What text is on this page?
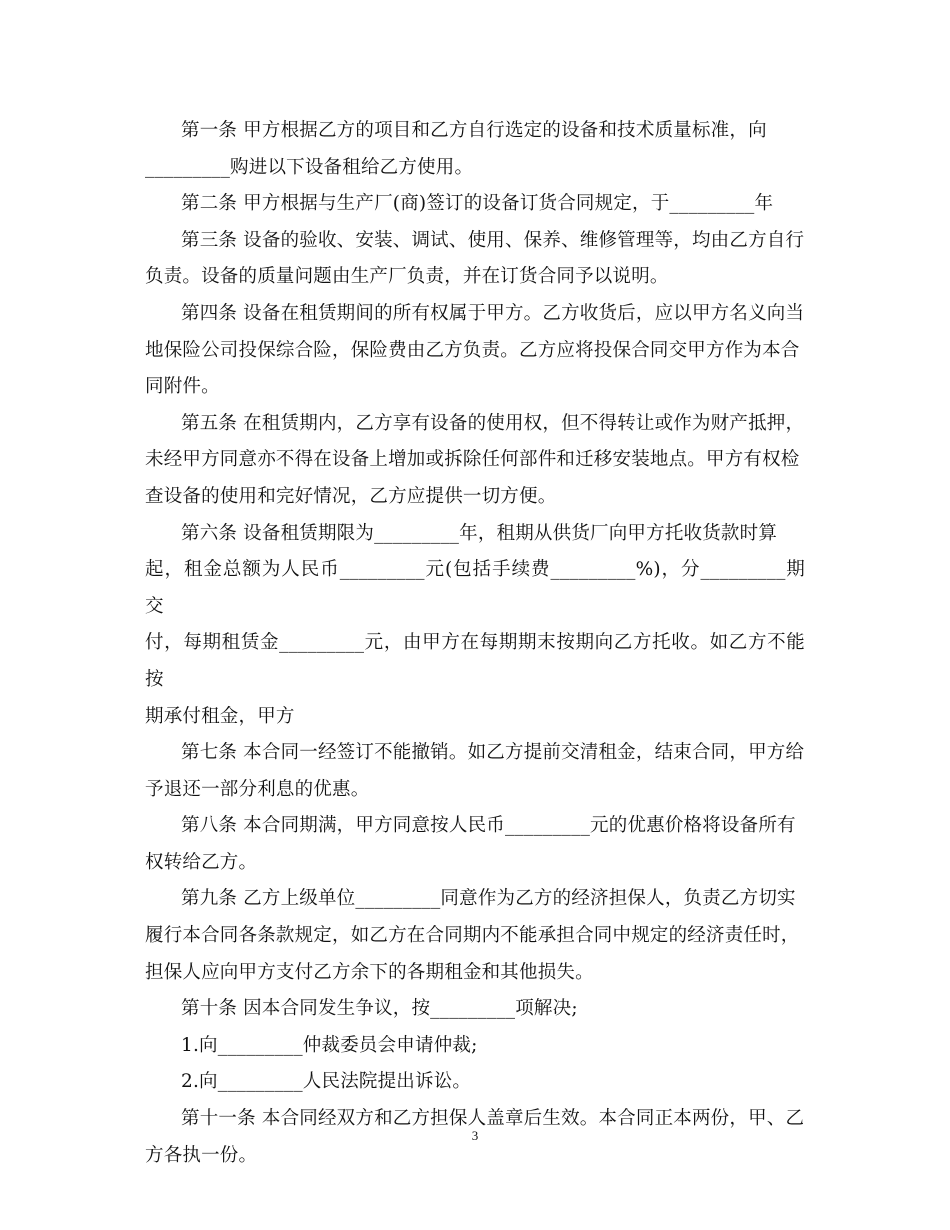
第一条 甲方根据乙方的项目和乙方自行选定的设备和技术质量标准，向
_________购进以下设备租给乙方使用。

第二条 甲方根据与生产厂(商)签订的设备订货合同规定，于_________年

第三条 设备的验收、安装、调试、使用、保养、维修管理等，均由乙方自行
负责。设备的质量问题由生产厂负责，并在订货合同予以说明。

第四条 设备在租赁期间的所有权属于甲方。乙方收货后，应以甲方名义向当
地保险公司投保综合险，保险费由乙方负责。乙方应将投保合同交甲方作为本合
同附件。

第五条 在租赁期内，乙方享有设备的使用权，但不得转让或作为财产抵押，
未经甲方同意亦不得在设备上增加或拆除任何部件和迁移安装地点。甲方有权检
查设备的使用和完好情况，乙方应提供一切方便。

第六条 设备租赁期限为_________年，租期从供货厂向甲方托收货款时算
起，租金总额为人民币_________元(包括手续费_________%)，分_________期交
付，每期租赁金_________元，由甲方在每期期末按期向乙方托收。如乙方不能按
期承付租金，甲方

第七条 本合同一经签订不能撤销。如乙方提前交清租金，结束合同，甲方给
予退还一部分利息的优惠。

第八条 本合同期满，甲方同意按人民币_________元的优惠价格将设备所有
权转给乙方。

第九条 乙方上级单位_________同意作为乙方的经济担保人，负责乙方切实
履行本合同各条款规定，如乙方在合同期内不能承担合同中规定的经济责任时，
担保人应向甲方支付乙方余下的各期租金和其他损失。

第十条 因本合同发生争议，按_________项解决;

1.向_________仲裁委员会申请仲裁;

2.向_________人民法院提出诉讼。

第十一条 本合同经双方和乙方担保人盖章后生效。本合同正本两份，甲、乙
方各执一份。

3
